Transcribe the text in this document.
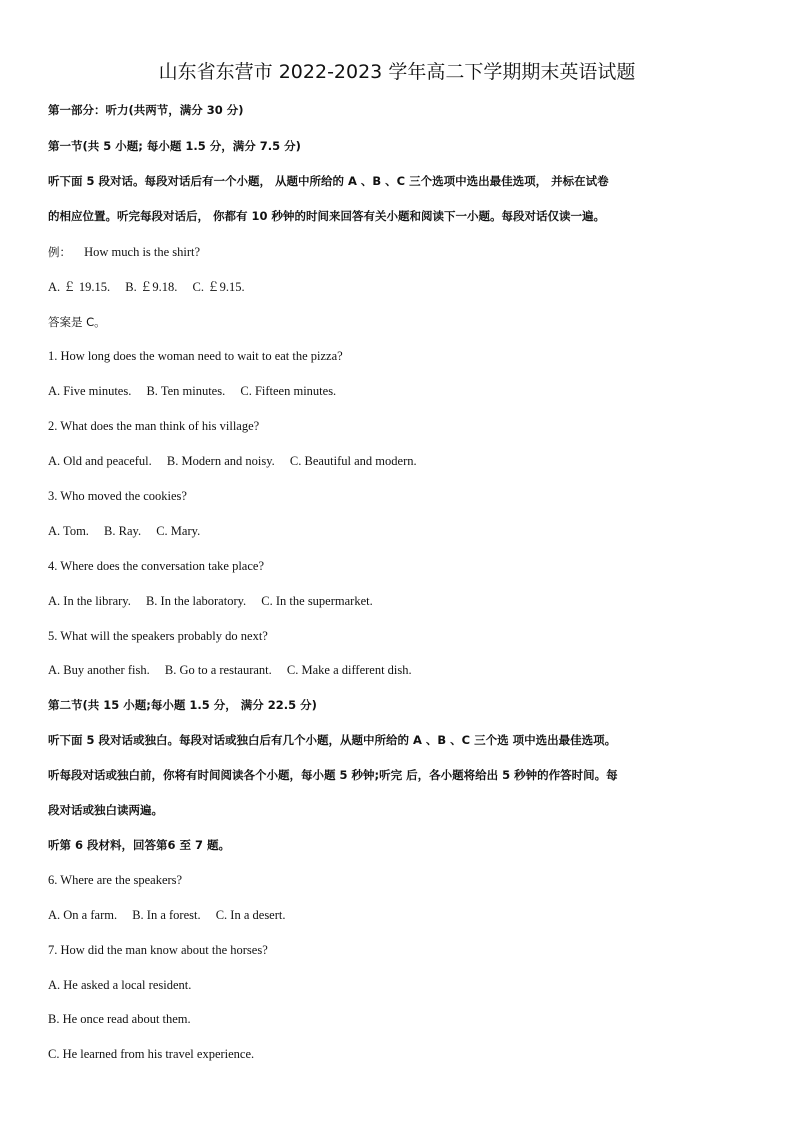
山东省东营市 2022-2023 学年高二下学期期末英语试题
第一部分：听力(共两节，满分 30 分)
第一节(共 5 小题; 每小题 1.5 分，满分 7.5 分)
听下面 5 段对话。每段对话后有一个小题， 从题中所给的 A 、B 、C 三个选项中选出最佳选项， 并标在试卷
的相应位置。听完每段对话后， 你都有 10 秒钟的时间来回答有关小题和阅读下一小题。每段对话仅读一遍。
例： How much is the shirt?
A. ￡ 19.15. B. ￡9.18. C. ￡9.15.
答案是 C。
1. How long does the woman need to wait to eat the pizza?
A. Five minutes. B. Ten minutes. C. Fifteen minutes.
2. What does the man think of his village?
A. Old and peaceful. B. Modern and noisy. C. Beautiful and modern.
3. Who moved the cookies?
A. Tom. B. Ray. C. Mary.
4. Where does the conversation take place?
A. In the library. B. In the laboratory. C. In the supermarket.
5. What will the speakers probably do next?
A. Buy another fish. B. Go to a restaurant. C. Make a different dish.
第二节(共 15 小题;每小题 1.5 分， 满分 22.5 分)
听下面 5 段对话或独白。每段对话或独白后有几个小题，从题中所给的 A 、B 、C 三个选 项中选出最佳选项。
听每段对话或独白前，你将有时间阅读各个小题，每小题 5 秒钟;听完 后，各小题将给出 5 秒钟的作答时间。每
段对话或独白读两遍。
听第 6 段材料，回答第6 至 7 题。
6. Where are the speakers?
A. On a farm. B. In a forest. C. In a desert.
7. How did the man know about the horses?
A. He asked a local resident.
B. He once read about them.
C. He learned from his travel experience.
